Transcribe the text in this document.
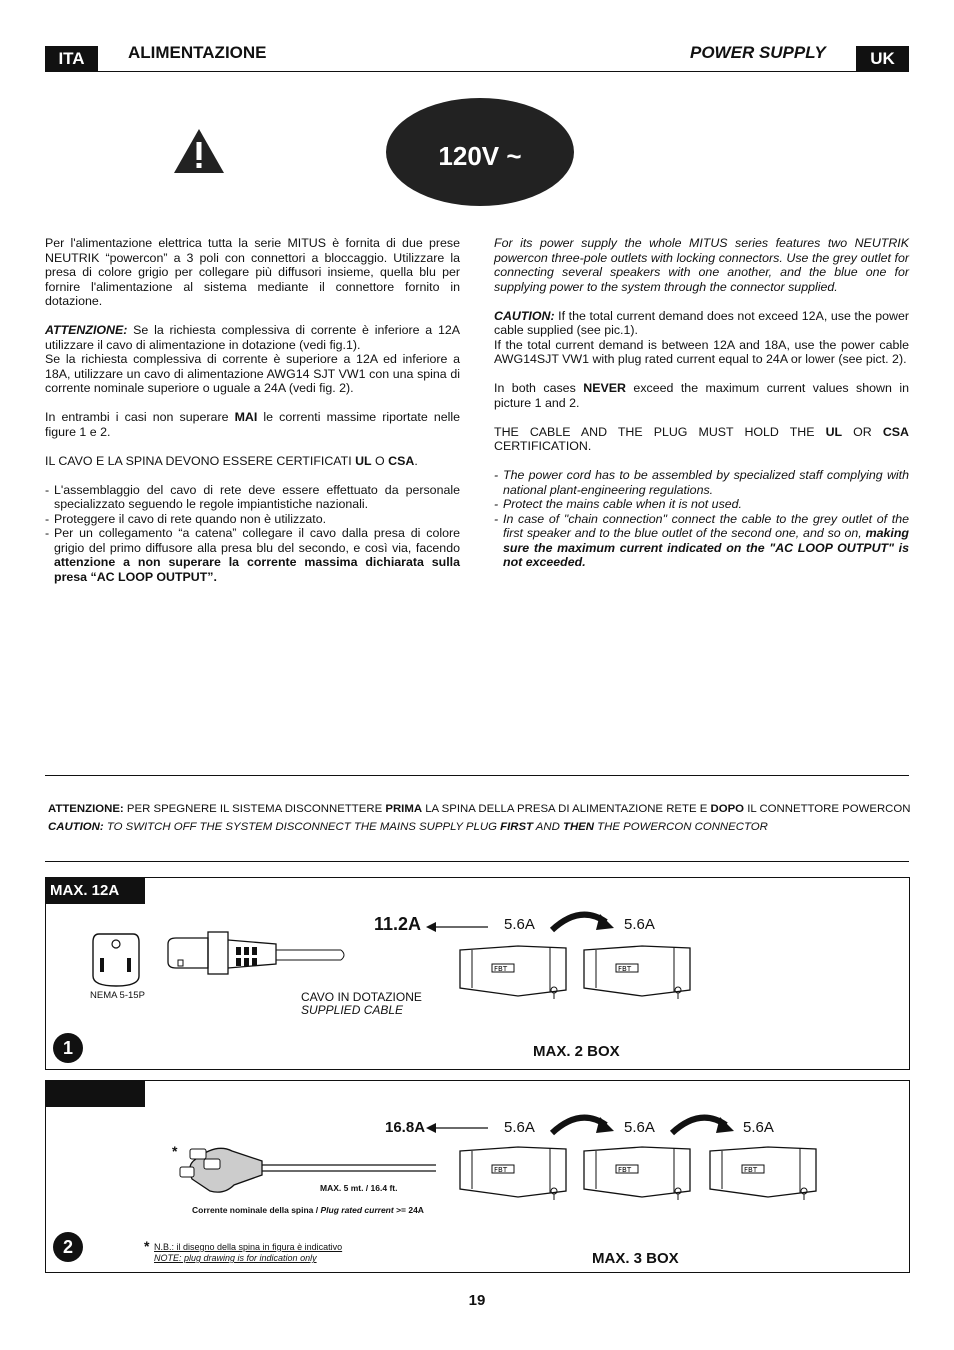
ITA	ALIMENTAZIONE	POWER SUPPLY	UK
120V ~

Per l'alimentazione elettrica tutta la serie MITUS è fornita di due prese NEUTRIK “powercon” a 3 poli con connettori a bloccaggio. Utilizzare la presa di colore grigio per collegare più diffusori insieme, quella blu per fornire l'alimentazione al sistema mediante il connettore fornito in dotazione.

ATTENZIONE: Se la richiesta complessiva di corrente è inferiore a 12A utilizzare il cavo di alimentazione in dotazione (vedi fig.1).

Se la richiesta complessiva di corrente è superiore a 12A ed inferiore a 18A, utilizzare un cavo di alimentazione AWG14 SJT VW1 con una spina di corrente nominale superiore o uguale a 24A (vedi fig. 2).

In entrambi i casi non superare MAI le correnti massime riportate nelle figure 1 e 2.

IL CAVO E LA SPINA DEVONO ESSERE CERTIFICATI UL O CSA.

- L'assemblaggio del cavo di rete deve essere effettuato da personale specializzato seguendo le regole impiantistiche nazionali.
- Proteggere il cavo di rete quando non è utilizzato.
- Per un collegamento “a catena” collegare il cavo dalla presa di colore grigio del primo diffusore alla presa blu del secondo, e così via, facendo attenzione a non superare la corrente massima dichiarata sulla presa “AC LOOP OUTPUT”.

For its power supply the whole MITUS series features two NEUTRIK powercon three-pole outlets with locking connectors. Use the grey outlet for connecting several speakers with one another, and the blue one for supplying power to the system through the connector supplied.

CAUTION: If the total current demand does not exceed 12A, use the power cable supplied (see pic.1).

If the total current demand is between 12A and 18A, use the power cable AWG14SJT VW1 with plug rated current equal to 24A or lower (see pict. 2).

In both cases NEVER exceed the maximum current values shown in picture 1 and 2.

THE CABLE AND THE PLUG MUST HOLD THE UL OR CSA CERTIFICATION.

- The power cord has to be assembled by specialized staff complying with national plant-engineering regulations.
- Protect the mains cable when it is not used.
- In case of "chain connection" connect the cable to the grey outlet of the first speaker and to the blue outlet of the second one, and so on, making sure the maximum current indicated on the "AC LOOP OUTPUT" is not exceeded.
ATTENZIONE: PER SPEGNERE IL SISTEMA DISCONNETTERE PRIMA LA SPINA DELLA PRESA DI ALIMENTAZIONE RETE E DOPO IL CONNETTORE POWERCON
CAUTION: TO SWITCH OFF THE SYSTEM DISCONNECT THE MAINS SUPPLY PLUG FIRST AND THEN THE POWERCON CONNECTOR
MAX. 12A
NEMA 5-15P	CAVO IN DOTAZIONE
SUPPLIED CABLE
11.2A	5.6A	5.6A
FBT	FBT
1	MAX. 2 BOX
*
MAX. 5 mt. / 16.4 ft.
Corrente nominale della spina / Plug rated current >= 24A
16.8A	5.6A	5.6A	5.6A
FBT	FBT	FBT
2	* N.B.: il disegno della spina in figura è indicativo
NOTE: plug drawing is for indication only	MAX. 3 BOX
19
